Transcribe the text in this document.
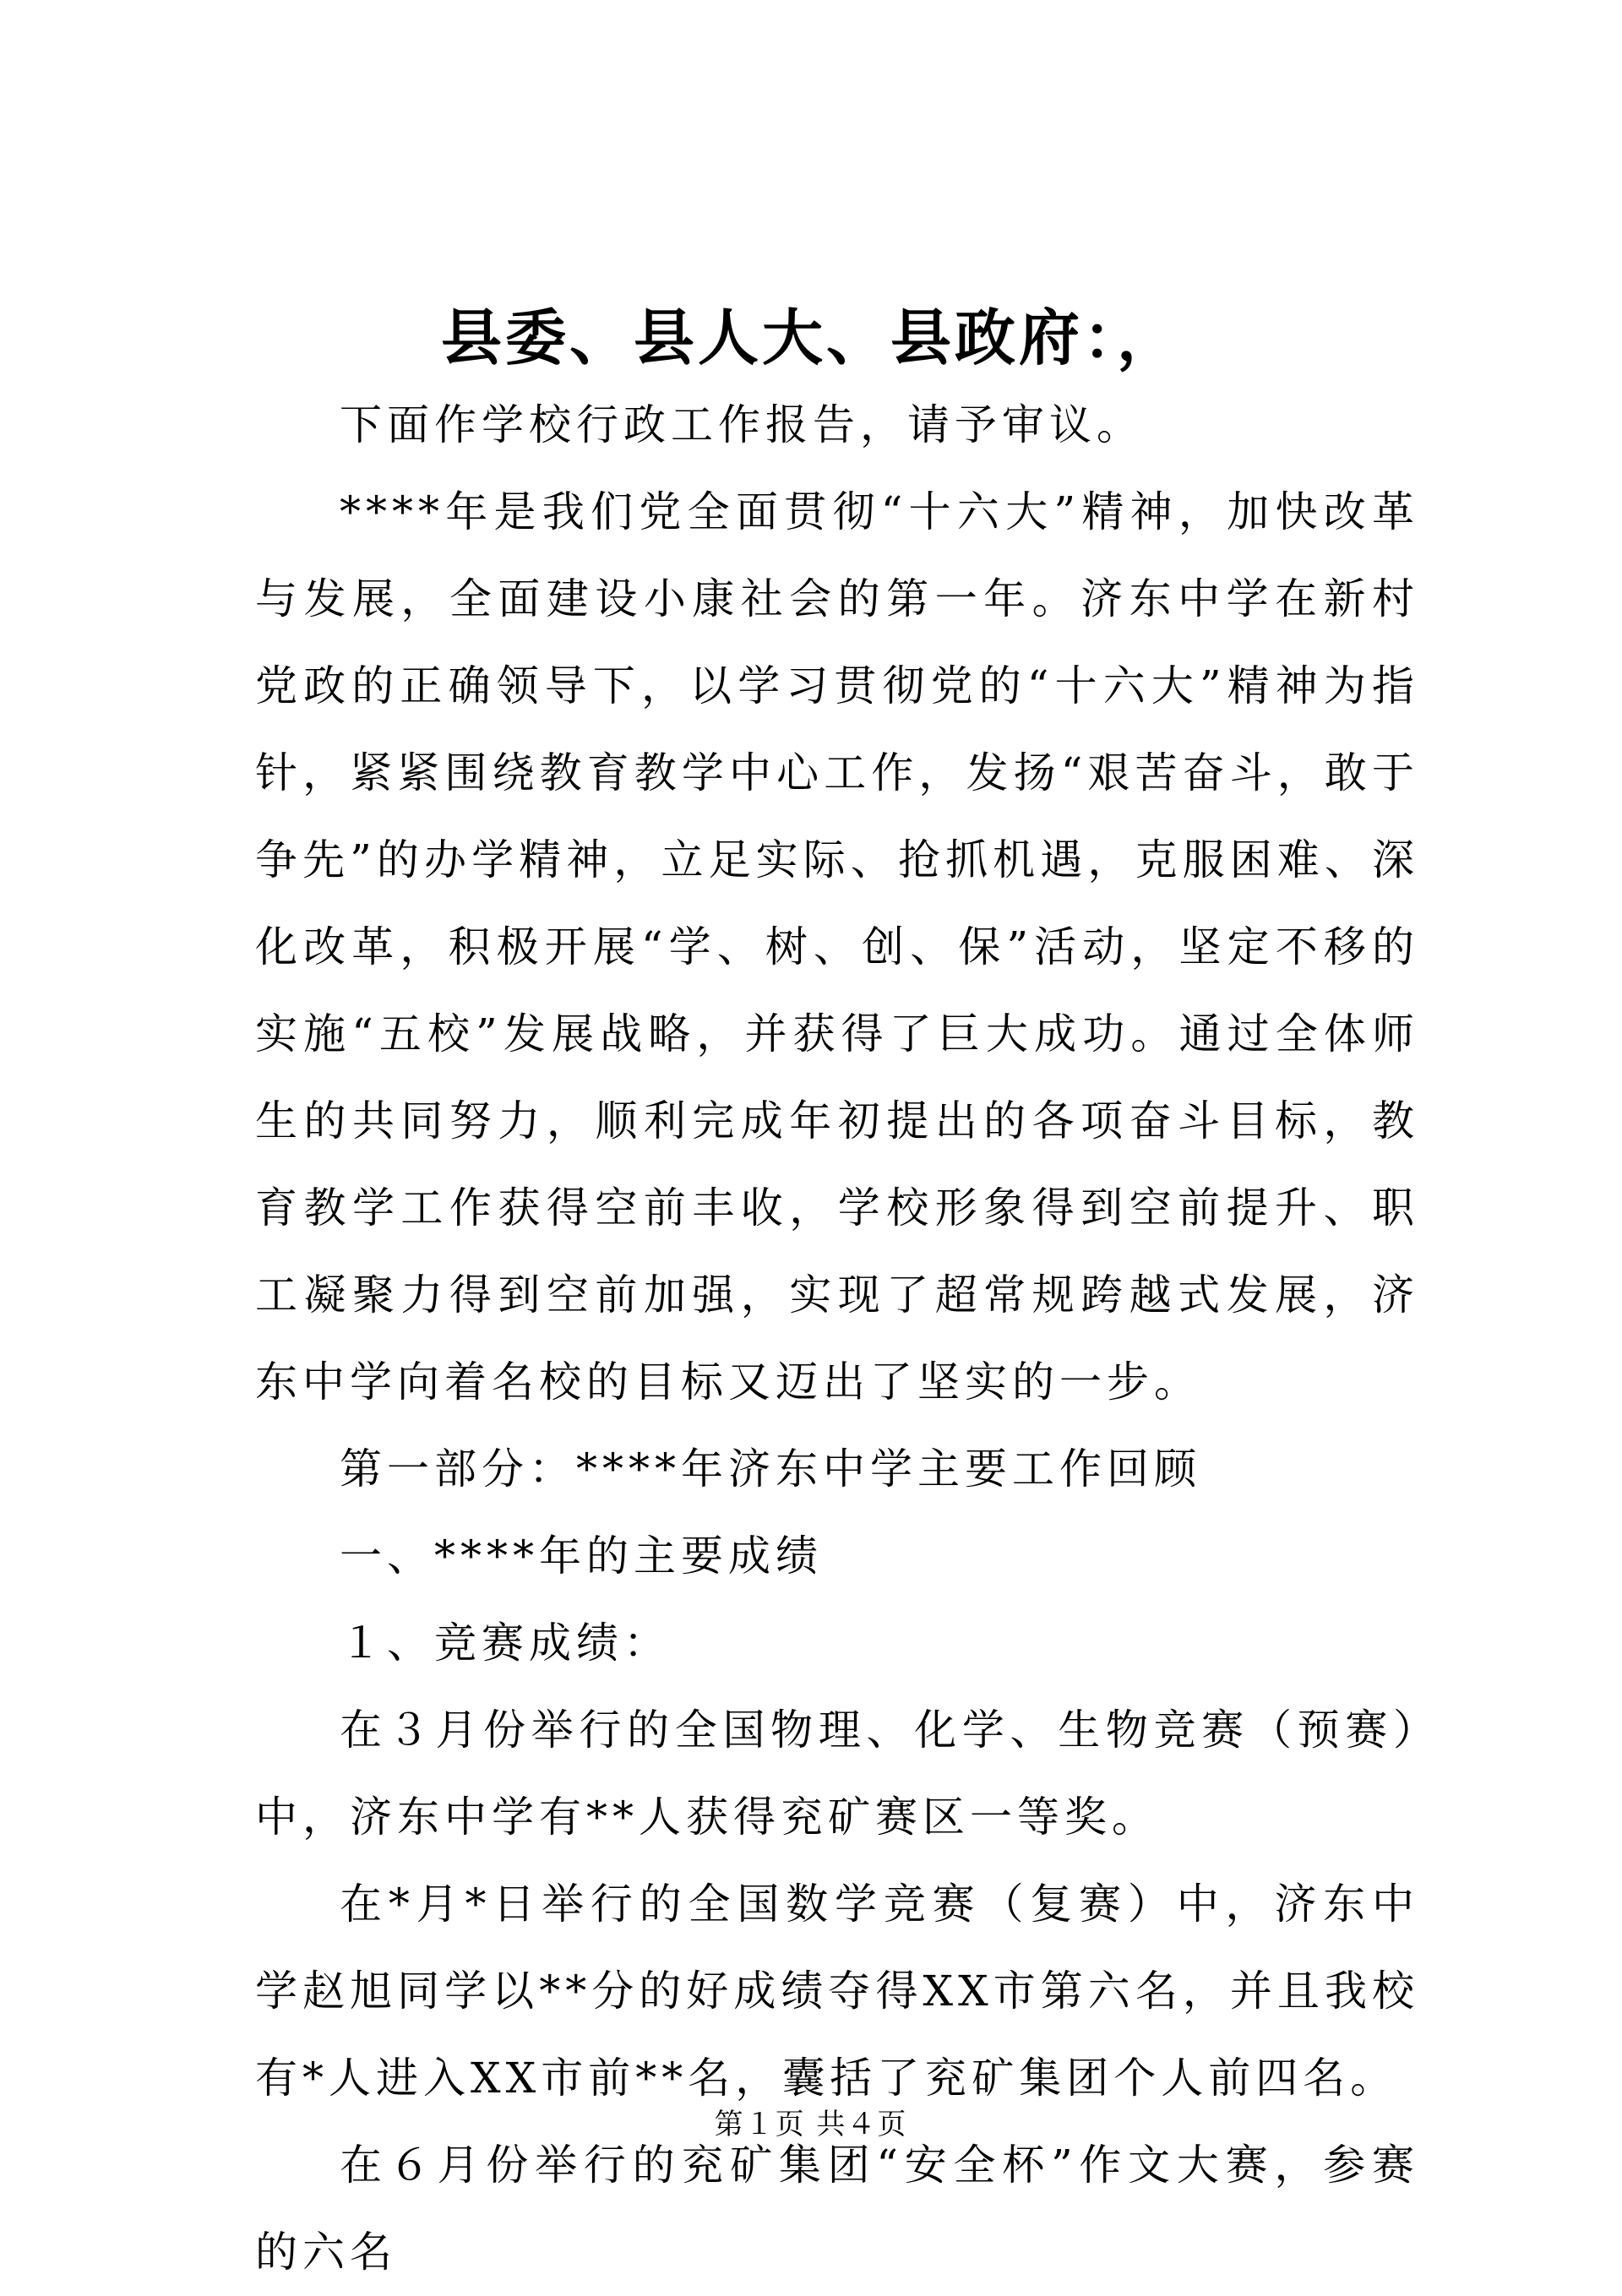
县委、县人大、县政府：，

下面作学校行政工作报告，请予审议。

****年是我们党全面贯彻“十六大”精神，加快改革与发展，全面建设小康社会的第一年。济东中学在新村党政的正确领导下，以学习贯彻党的“十六大”精神为指针，紧紧围绕教育教学中心工作，发扬“艰苦奋斗，敢于争先”的办学精神，立足实际、抢抓机遇，克服困难、深化改革，积极开展“学、树、创、保”活动，坚定不移的实施“五校”发展战略，并获得了巨大成功。通过全体师生的共同努力，顺利完成年初提出的各项奋斗目标，教育教学工作获得空前丰收，学校形象得到空前提升、职工凝聚力得到空前加强，实现了超常规跨越式发展，济东中学向着名校的目标又迈出了坚实的一步。

第一部分：****年济东中学主要工作回顾

一、****年的主要成绩

１、竞赛成绩：

在３月份举行的全国物理、化学、生物竞赛（预赛）中，济东中学有**人获得兖矿赛区一等奖。

在*月*日举行的全国数学竞赛（复赛）中，济东中学赵旭同学以**分的好成绩夺得XX市第六名，并且我校有*人进入XX市前**名，囊括了兖矿集团个人前四名。

在６月份举行的兖矿集团“安全杯”作文大赛，参赛的六名

第１页 共４页
